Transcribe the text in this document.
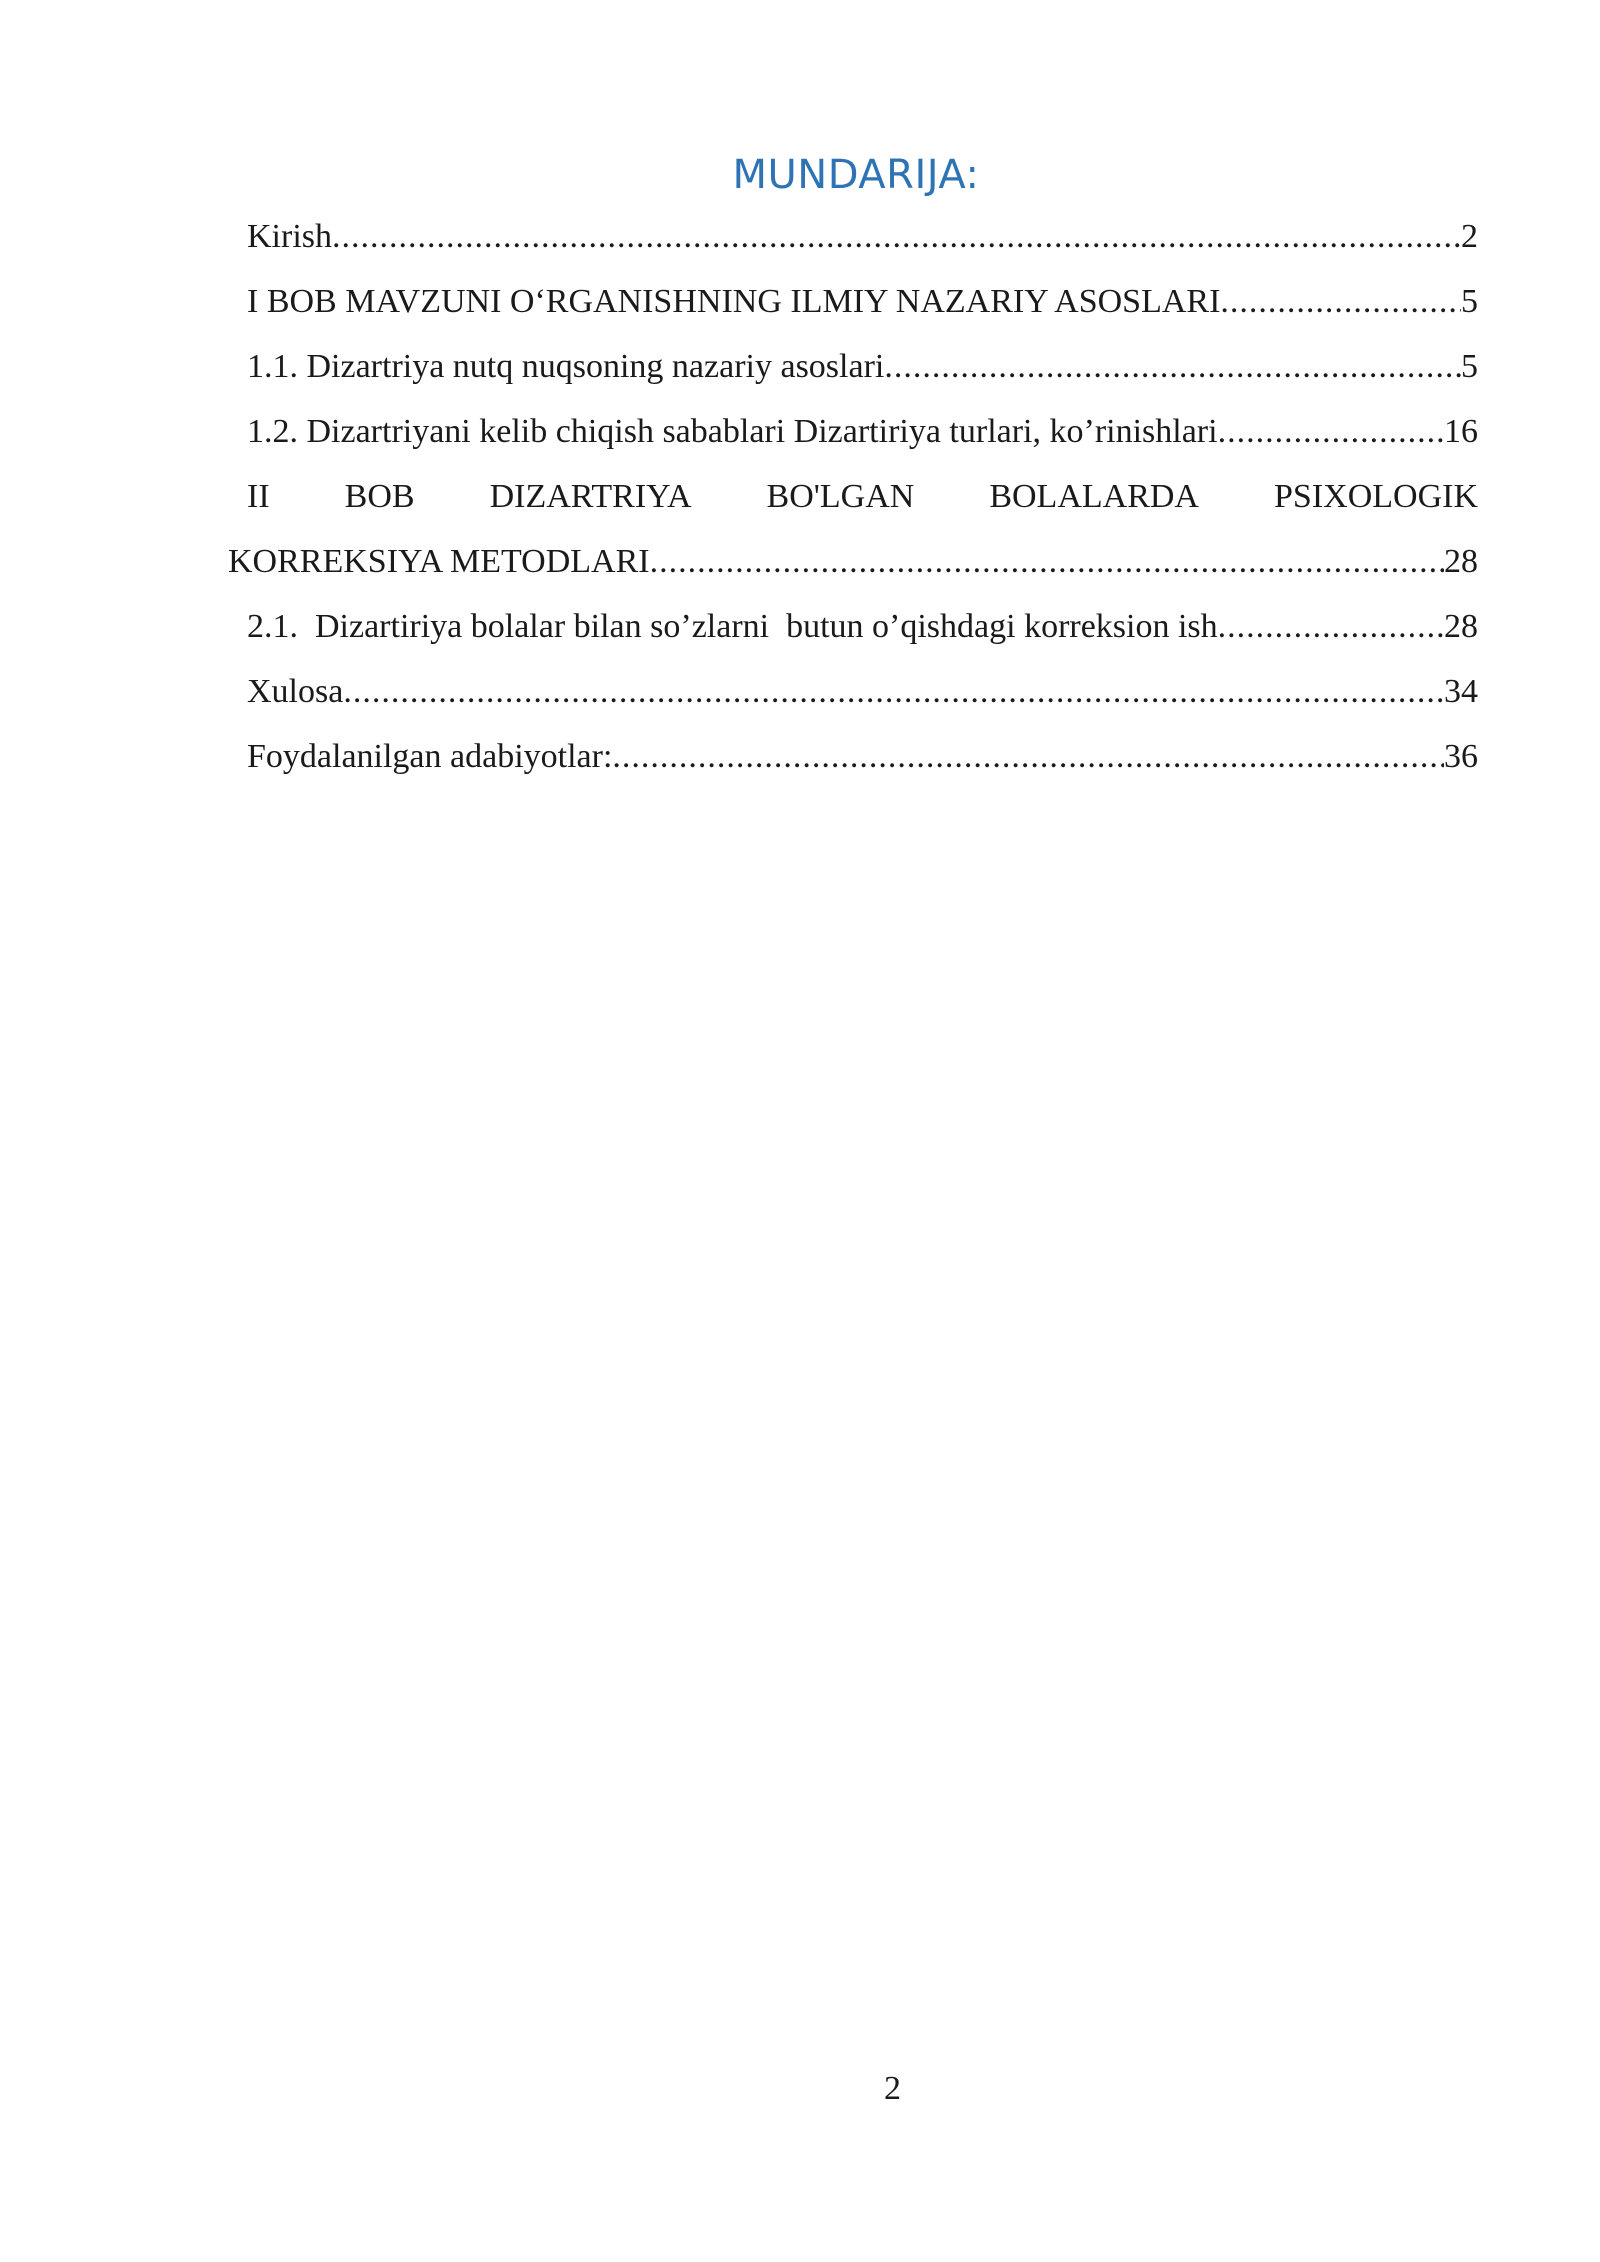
MUNDARIJA:
Kirish .....	2
I BOB MAVZUNI O‘RGANISHNING ILMIY NAZARIY ASOSLARI .....	5
1.1. Dizartriya nutq nuqsoning nazariy asoslari .....	5
1.2. Dizartriyani kelib chiqish sabablari Dizartiriya turlari, ko’rinishlari .....	16
II BOB DIZARTRIYA BO'LGAN BOLALARDA PSIXOLOGIK
KORREKSIYA METODLARI .....	28
2.1.  Dizartiriya bolalar bilan so’zlarni  butun o’qishdagi korreksion ish .....	28
Xulosa .....	34
Foydalanilgan adabiyotlar: .....	36
2
